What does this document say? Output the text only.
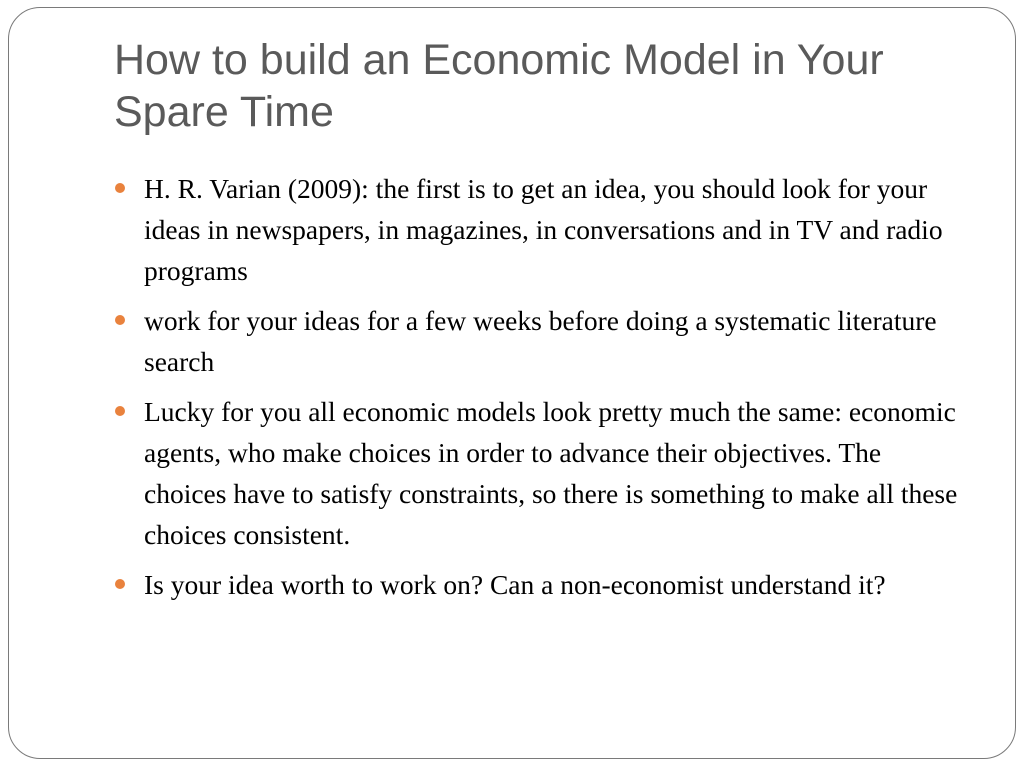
How to build an Economic Model in Your Spare Time
H. R. Varian (2009): the first is to get an idea, you should look for your ideas in newspapers, in magazines, in conversations and in TV and radio programs
work for your ideas for a few weeks before doing a systematic literature search
Lucky for you all economic models look pretty much the same: economic agents, who make choices in order to advance their objectives. The choices have to satisfy constraints, so there is something to make all these choices consistent.
Is your idea worth to work on? Can a non-economist understand it?
